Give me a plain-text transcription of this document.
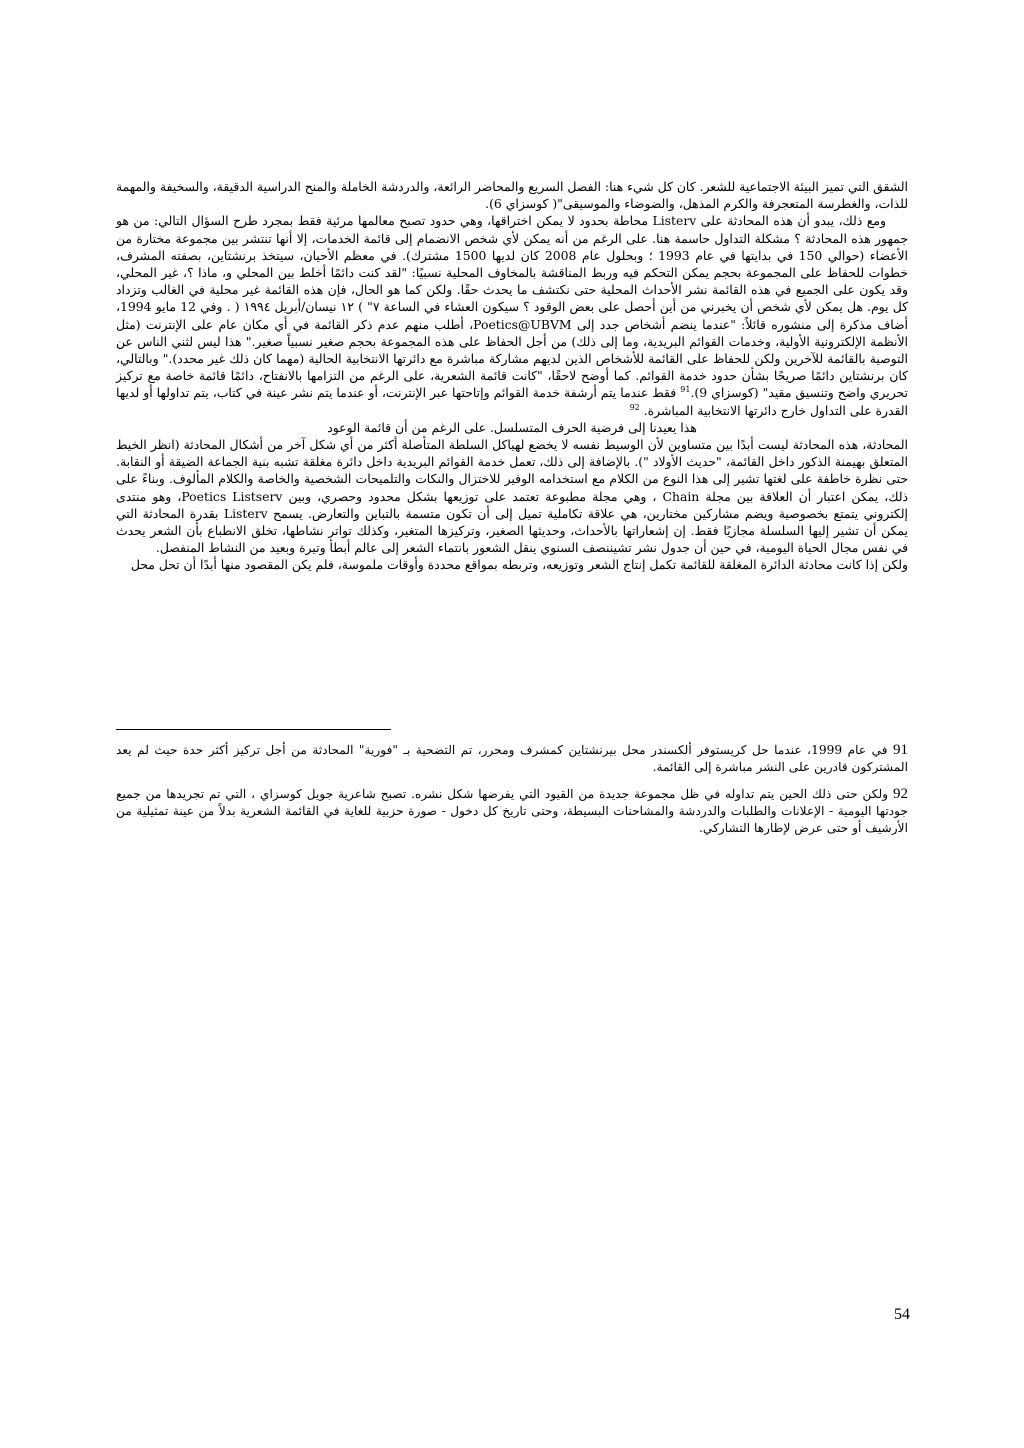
الشقق التي تميز البيئة الاجتماعية للشعر. كان كل شيء هنا: الفصل السريع والمحاضر الرائعة، والدردشة الخاملة والمنح الدراسية الدقيقة، والسخيفة والمهمة للذات، والغطرسة المتعجرفة والكرم المذهل، والضوضاء والموسيقى"( كوسزاي 6).

ومع ذلك، يبدو أن هذه المحادثة على Listerv محاطة بحدود لا يمكن اختراقها، وهي حدود تصبح معالمها مرئية فقط بمجرد طرح السؤال التالي: من هو جمهور هذه المحادثة ؟ مشكلة التداول حاسمة هنا. على الرغم من أنه يمكن لأي شخص الانضمام إلى قائمة الخدمات، إلا أنها تنتشر بين مجموعة مختارة من الأعضاء (حوالي 150 في بدايتها في عام 1993 ؛ وبحلول عام 2008 كان لديها 1500 مشترك). في معظم الأحيان، سيتخذ برنشتاين، بصفته المشرف، خطوات للحفاظ على المجموعة بحجم يمكن التحكم فيه وربط المناقشة بالمخاوف المحلية نسبيًا: "لقد كنت دائمًا أخلط بين المحلي و، ماذا ؟، غير المحلي، وقد يكون على الجميع في هذه القائمة نشر الأحداث المحلية حتى نكتشف ما يحدث حقًا. ولكن كما هو الحال، فإن هذه القائمة غير محلية في الغالب وتزداد كل يوم. هل يمكن لأي شخص أن يخبرني من أين أحصل على بعض الوقود ؟ سيكون العشاء في الساعة ٧" ) ١٢ نيسان/أبريل ١٩٩٤ ( . وفي 12 مايو 1994، أضاف مذكرة إلى منشوره قائلاً: "عندما ينضم أشخاص جدد إلى Poetics@UBVM، أطلب منهم عدم ذكر القائمة في أي مكان عام على الإنترنت (مثل الأنظمة الإلكترونية الأولية، وخدمات القوائم البريدية، وما إلى ذلك) من أجل الحفاظ على هذه المجموعة بحجم صغير نسبياً صغير." هذا ليس لثني الناس عن التوصية بالقائمة للآخرين ولكن للحفاظ على القائمة للأشخاص الذين لديهم مشاركة مباشرة مع دائرتها الانتخابية الحالية (مهما كان ذلك غير محدد)." وبالتالي، كان برنشتاين دائمًا صريحًا بشأن حدود خدمة القوائم. كما أوضح لاحقًا، "كانت قائمة الشعرية، على الرغم من التزامها بالانفتاح، دائمًا قائمة خاصة مع تركيز تحريري واضح وتنسيق مقيد" (كوسزاي 9).$^{91}$ فقط عندما يتم أرشفة خدمة القوائم وإتاحتها عبر الإنترنت، أو عندما يتم نشر عينة في كتاب، يتم تداولها أو لديها القدرة على التداول خارج دائرتها الانتخابية المباشرة. $^{92}$

هذا يعيدنا إلى فرضية الحرف المتسلسل. على الرغم من أن قائمة الوعود

المحادثة، هذه المحادثة ليست أبدًا بين متساوين لأن الوسيط نفسه لا يخضع لهياكل السلطة المتأصلة أكثر من أي شكل آخر من أشكال المحادثة (انظر الخيط المتعلق بهيمنة الذكور داخل القائمة، "حديث الأولاد "). بالإضافة إلى ذلك، تعمل خدمة القوائم البريدية داخل دائرة مغلقة تشبه بنية الجماعة الضيقة أو النقابة. حتى نظرة خاطفة على لغتها تشير إلى هذا النوع من الكلام مع استخدامه الوفير للاختزال والنكات والتلميحات الشخصية والخاصة والكلام المألوف. وبناءً على ذلك، يمكن اعتبار أن العلاقة بين مجلة Chain ، وهي مجلة مطبوعة تعتمد على توزيعها بشكل محدود وحصري، وبين Poetics Listserv، وهو منتدى إلكتروني يتمتع بخصوصية ويضم مشاركين مختارين، هي علاقة تكاملية تميل إلى أن تكون متسمة بالتباين والتعارض. يسمح Listerv بقدرة المحادثة التي يمكن أن تشير إليها السلسلة مجازيًا فقط. إن إشعاراتها بالأحداث، وحديثها الصغير، وتركيزها المتغير، وكذلك تواتر نشاطها، تخلق الانطباع بأن الشعر يحدث في نفس مجال الحياة اليومية، في حين أن جدول نشر تشيننصف السنوي ينقل الشعور بانتماء الشعر إلى عالم أبطأ وتيرة وبعيد من النشاط المنفصل.

ولكن إذا كانت محادثة الدائرة المغلقة للقائمة تكمل إنتاج الشعر وتوزيعه، وتربطه بمواقع محددة وأوقات ملموسة، فلم يكن المقصود منها أبدًا أن تحل محل

91 في عام 1999، عندما حل كريستوفر ألكسندر محل بيرنشتاين كمشرف ومحرر، تم التضحية بـ "فورية" المحادثة من أجل تركيز أكثر حدة حيث لم يعد المشتركون قادرين على النشر مباشرة إلى القائمة.

92 ولكن حتى ذلك الحين يتم تداوله في ظل مجموعة جديدة من القيود التي يفرضها شكل نشره. تصبح شاعرية جويل كوسزاي ، التي تم تجريدها من جميع جودتها اليومية - الإعلانات والطلبات والدردشة والمشاحنات البسيطة، وحتى تاريخ كل دخول - صورة حزبية للغاية في القائمة الشعرية بدلاً من عينة تمثيلية من الأرشيف أو حتى عرض لإطارها التشاركي.

54
